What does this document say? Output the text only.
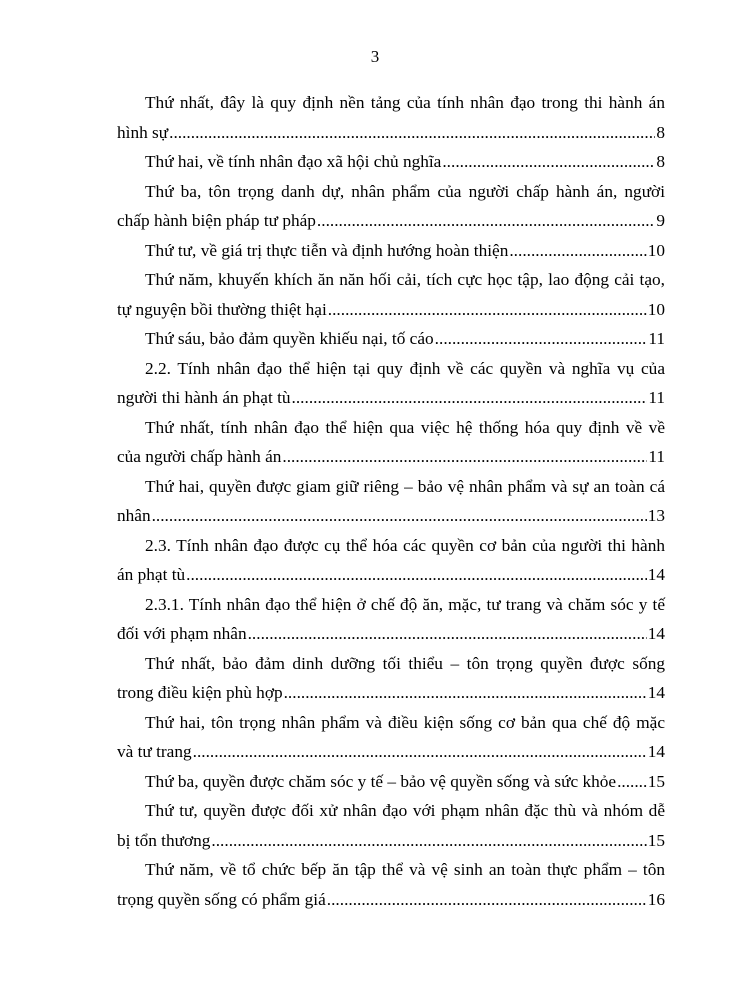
3
Thứ nhất, đây là quy định nền tảng của tính nhân đạo trong thi hành án
hình sự .....	8
Thứ hai, về tính nhân đạo xã hội chủ nghĩa .....	8
Thứ ba, tôn trọng danh dự, nhân phẩm của người chấp hành án, người
chấp hành biện pháp tư pháp .....	9
Thứ tư, về giá trị thực tiễn và định hướng hoàn thiện .....	10
Thứ năm, khuyến khích ăn năn hối cải, tích cực học tập, lao động cải tạo,
tự nguyện bồi thường thiệt hại .....	10
Thứ sáu, bảo đảm quyền khiếu nại, tố cáo .....	11
2.2. Tính nhân đạo thể hiện tại quy định về các quyền và nghĩa vụ của
người thi hành án phạt tù .....	11
Thứ nhất, tính nhân đạo thể hiện qua việc hệ thống hóa quy định về về
của người chấp hành án .....	11
Thứ hai, quyền được giam giữ riêng – bảo vệ nhân phẩm và sự an toàn cá
nhân .....	13
2.3. Tính nhân đạo được cụ thể hóa các quyền cơ bản của người thi hành
án phạt tù .....	14
2.3.1. Tính nhân đạo thể hiện ở chế độ ăn, mặc, tư trang và chăm sóc y tế
đối với phạm nhân .....	14
Thứ nhất, bảo đảm dinh dưỡng tối thiểu – tôn trọng quyền được sống
trong điều kiện phù hợp .....	14
Thứ hai, tôn trọng nhân phẩm và điều kiện sống cơ bản qua chế độ mặc
và tư trang .....	14
Thứ ba, quyền được chăm sóc y tế – bảo vệ quyền sống và sức khỏe ..... 15
Thứ tư, quyền được đối xử nhân đạo với phạm nhân đặc thù và nhóm dễ
bị tổn thương .....	15
Thứ năm, về tổ chức bếp ăn tập thể và vệ sinh an toàn thực phẩm – tôn
trọng quyền sống có phẩm giá .....	16
